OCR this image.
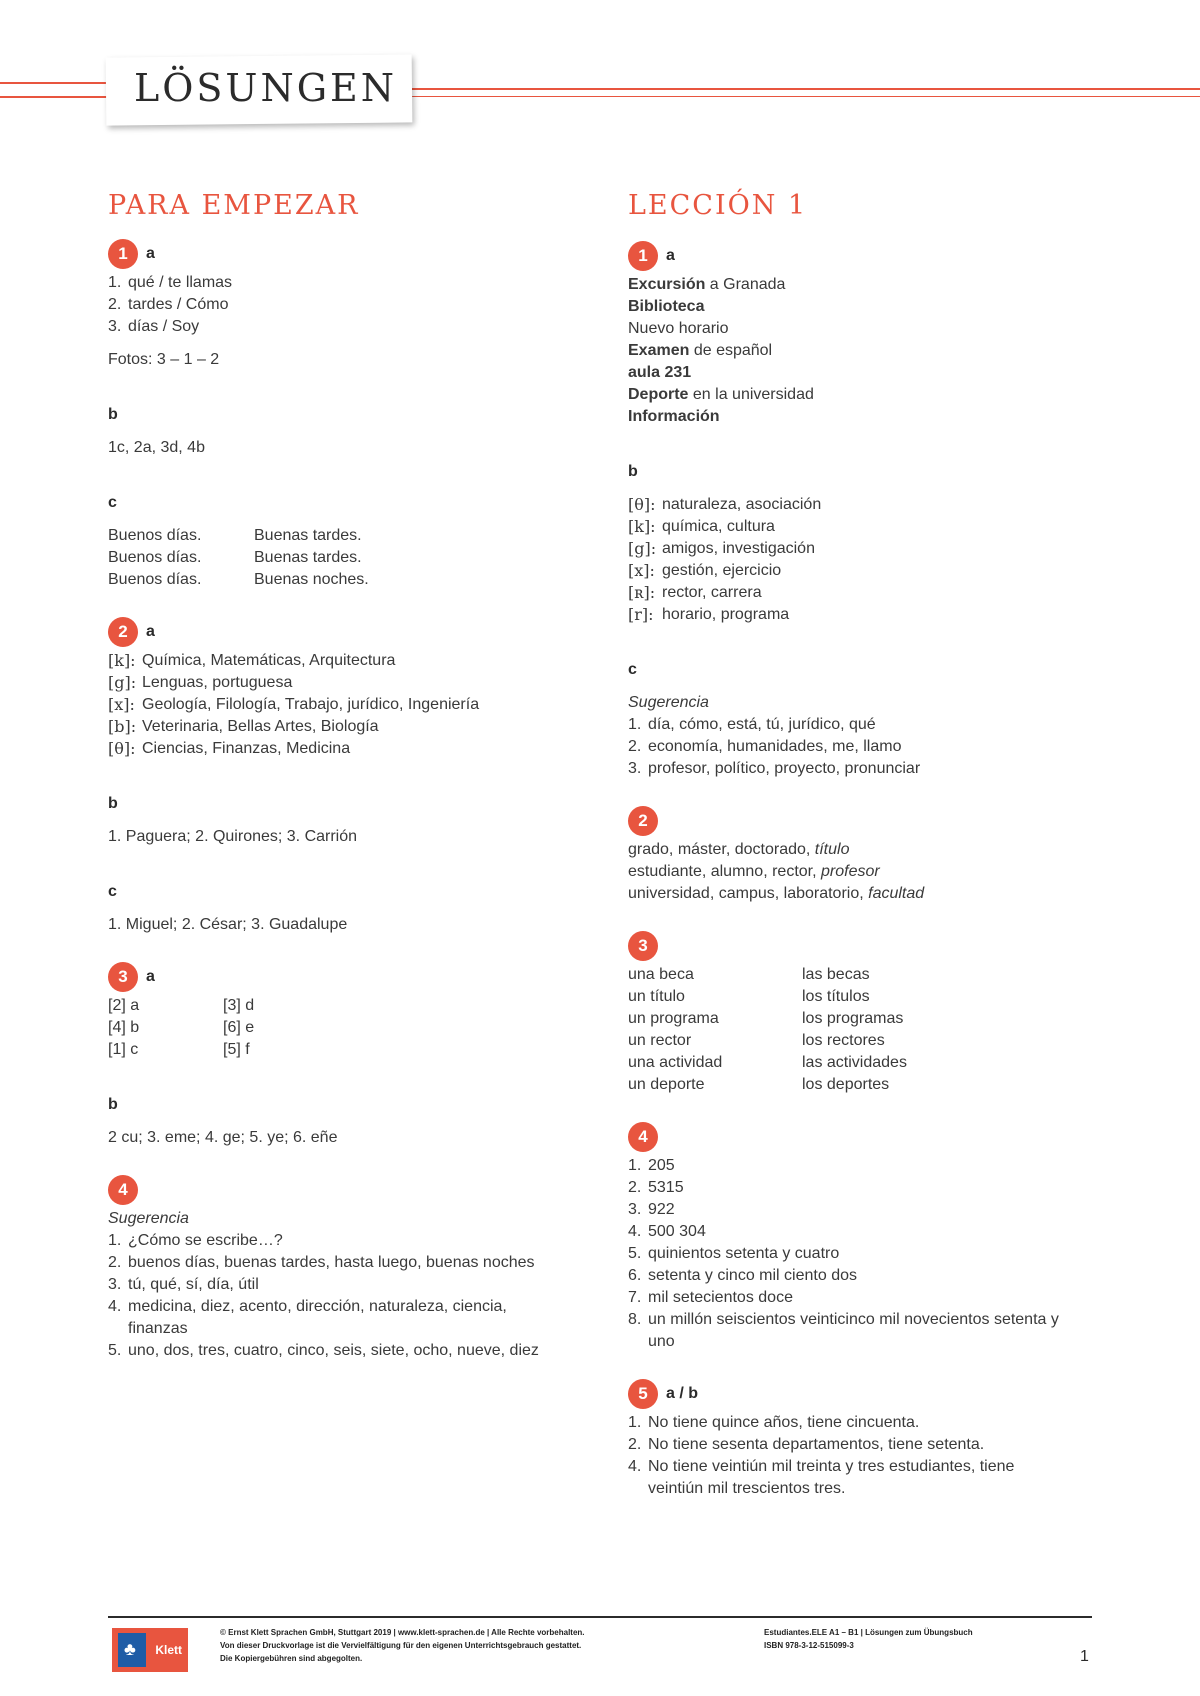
LÖSUNGEN
PARA EMPEZAR
1	a
1. qué / te llamas
2. tardes / Cómo
3. días / Soy
Fotos: 3 – 1 – 2
b
1c, 2a, 3d, 4b
c
Buenos días.	Buenas tardes.
Buenos días.	Buenas tardes.
Buenos días.	Buenas noches.
2	a
[k]: Química, Matemáticas, Arquitectura
[g]: Lenguas, portuguesa
[x]: Geología, Filología, Trabajo, jurídico, Ingeniería
[b]: Veterinaria, Bellas Artes, Biología
[θ]: Ciencias, Finanzas, Medicina
b
1. Paguera; 2. Quirones; 3. Carrión
c
1. Miguel; 2. César; 3. Guadalupe
3	a
[2] a	[3] d
[4] b	[6] e
[1] c	[5] f
b
2 cu; 3. eme; 4. ge; 5. ye; 6. eñe
4
Sugerencia
1. ¿Cómo se escribe…?
2. buenos días, buenas tardes, hasta luego, buenas noches
3. tú, qué, sí, día, útil
4. medicina, diez, acento, dirección, naturaleza, ciencia, finanzas
5. uno, dos, tres, cuatro, cinco, seis, siete, ocho, nueve, diez
LECCIÓN 1
1	a
Excursión a Granada
Biblioteca
Nuevo horario
Examen de español
aula 231
Deporte en la universidad
Información
b
[θ]: naturaleza, asociación
[k]: química, cultura
[g]: amigos, investigación
[x]: gestión, ejercicio
[ʀ]: rector, carrera
[r]: horario, programa
c
Sugerencia
1. día, cómo, está, tú, jurídico, qué
2. economía, humanidades, me, llamo
3. profesor, político, proyecto, pronunciar
2
grado, máster, doctorado, título
estudiante, alumno, rector, profesor
universidad, campus, laboratorio, facultad
3
una beca	las becas
un título	los títulos
un programa	los programas
un rector	los rectores
una actividad	las actividades
un deporte	los deportes
4
1. 205
2. 5315
3. 922
4. 500 304
5. quinientos setenta y cuatro
6. setenta y cinco mil ciento dos
7. mil setecientos doce
8. un millón seiscientos veinticinco mil novecientos setenta y uno
5	a / b
1. No tiene quince años, tiene cincuenta.
2. No tiene sesenta departamentos, tiene setenta.
4. No tiene veintiún mil treinta y tres estudiantes, tiene veintiún mil trescientos tres.
♣ Klett
© Ernst Klett Sprachen GmbH, Stuttgart 2019 | www.klett-sprachen.de | Alle Rechte vorbehalten.
Von dieser Druckvorlage ist die Vervielfältigung für den eigenen Unterrichtsgebrauch gestattet.
Die Kopiergebühren sind abgegolten.
Estudiantes.ELE A1 – B1 | Lösungen zum Übungsbuch
ISBN 978-3-12-515099-3
1
